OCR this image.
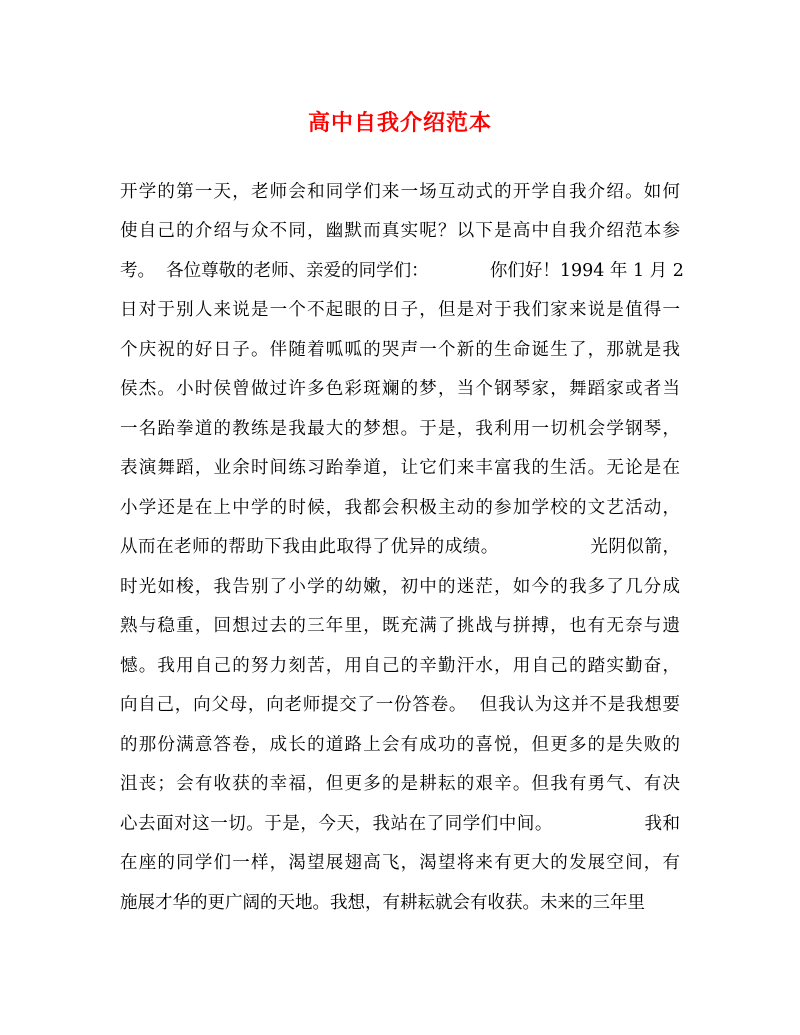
高中自我介绍范本
开学的第一天，老师会和同学们来一场互动式的开学自我介绍。如何
使自己的介绍与众不同，幽默而真实呢？以下是高中自我介绍范本参
考。  各位尊敬的老师、亲爱的同学们：           你们好！1994 年 1 月 2
日对于别人来说是一个不起眼的日子，但是对于我们家来说是值得一
个庆祝的好日子。伴随着呱呱的哭声一个新的生命诞生了，那就是我
侯杰。小时侯曾做过许多色彩斑斓的梦，当个钢琴家，舞蹈家或者当
一名跆拳道的教练是我最大的梦想。于是，我利用一切机会学钢琴，
表演舞蹈，业余时间练习跆拳道，让它们来丰富我的生活。无论是在
小学还是在上中学的时候，我都会积极主动的参加学校的文艺活动，
从而在老师的帮助下我由此取得了优异的成绩。               光阴似箭，
时光如梭，我告别了小学的幼嫩，初中的迷茫，如今的我多了几分成
熟与稳重，回想过去的三年里，既充满了挑战与拼搏，也有无奈与遗
憾。我用自己的努力刻苦，用自己的辛勤汗水，用自己的踏实勤奋，
向自己，向父母，向老师提交了一份答卷。  但我认为这并不是我想要
的那份满意答卷，成长的道路上会有成功的喜悦，但更多的是失败的
沮丧；会有收获的幸福，但更多的是耕耘的艰辛。但我有勇气、有决
心去面对这一切。于是，今天，我站在了同学们中间。               我和
在座的同学们一样，渴望展翅高飞，渴望将来有更大的发展空间，有
施展才华的更广阔的天地。我想，有耕耘就会有收获。未来的三年里
